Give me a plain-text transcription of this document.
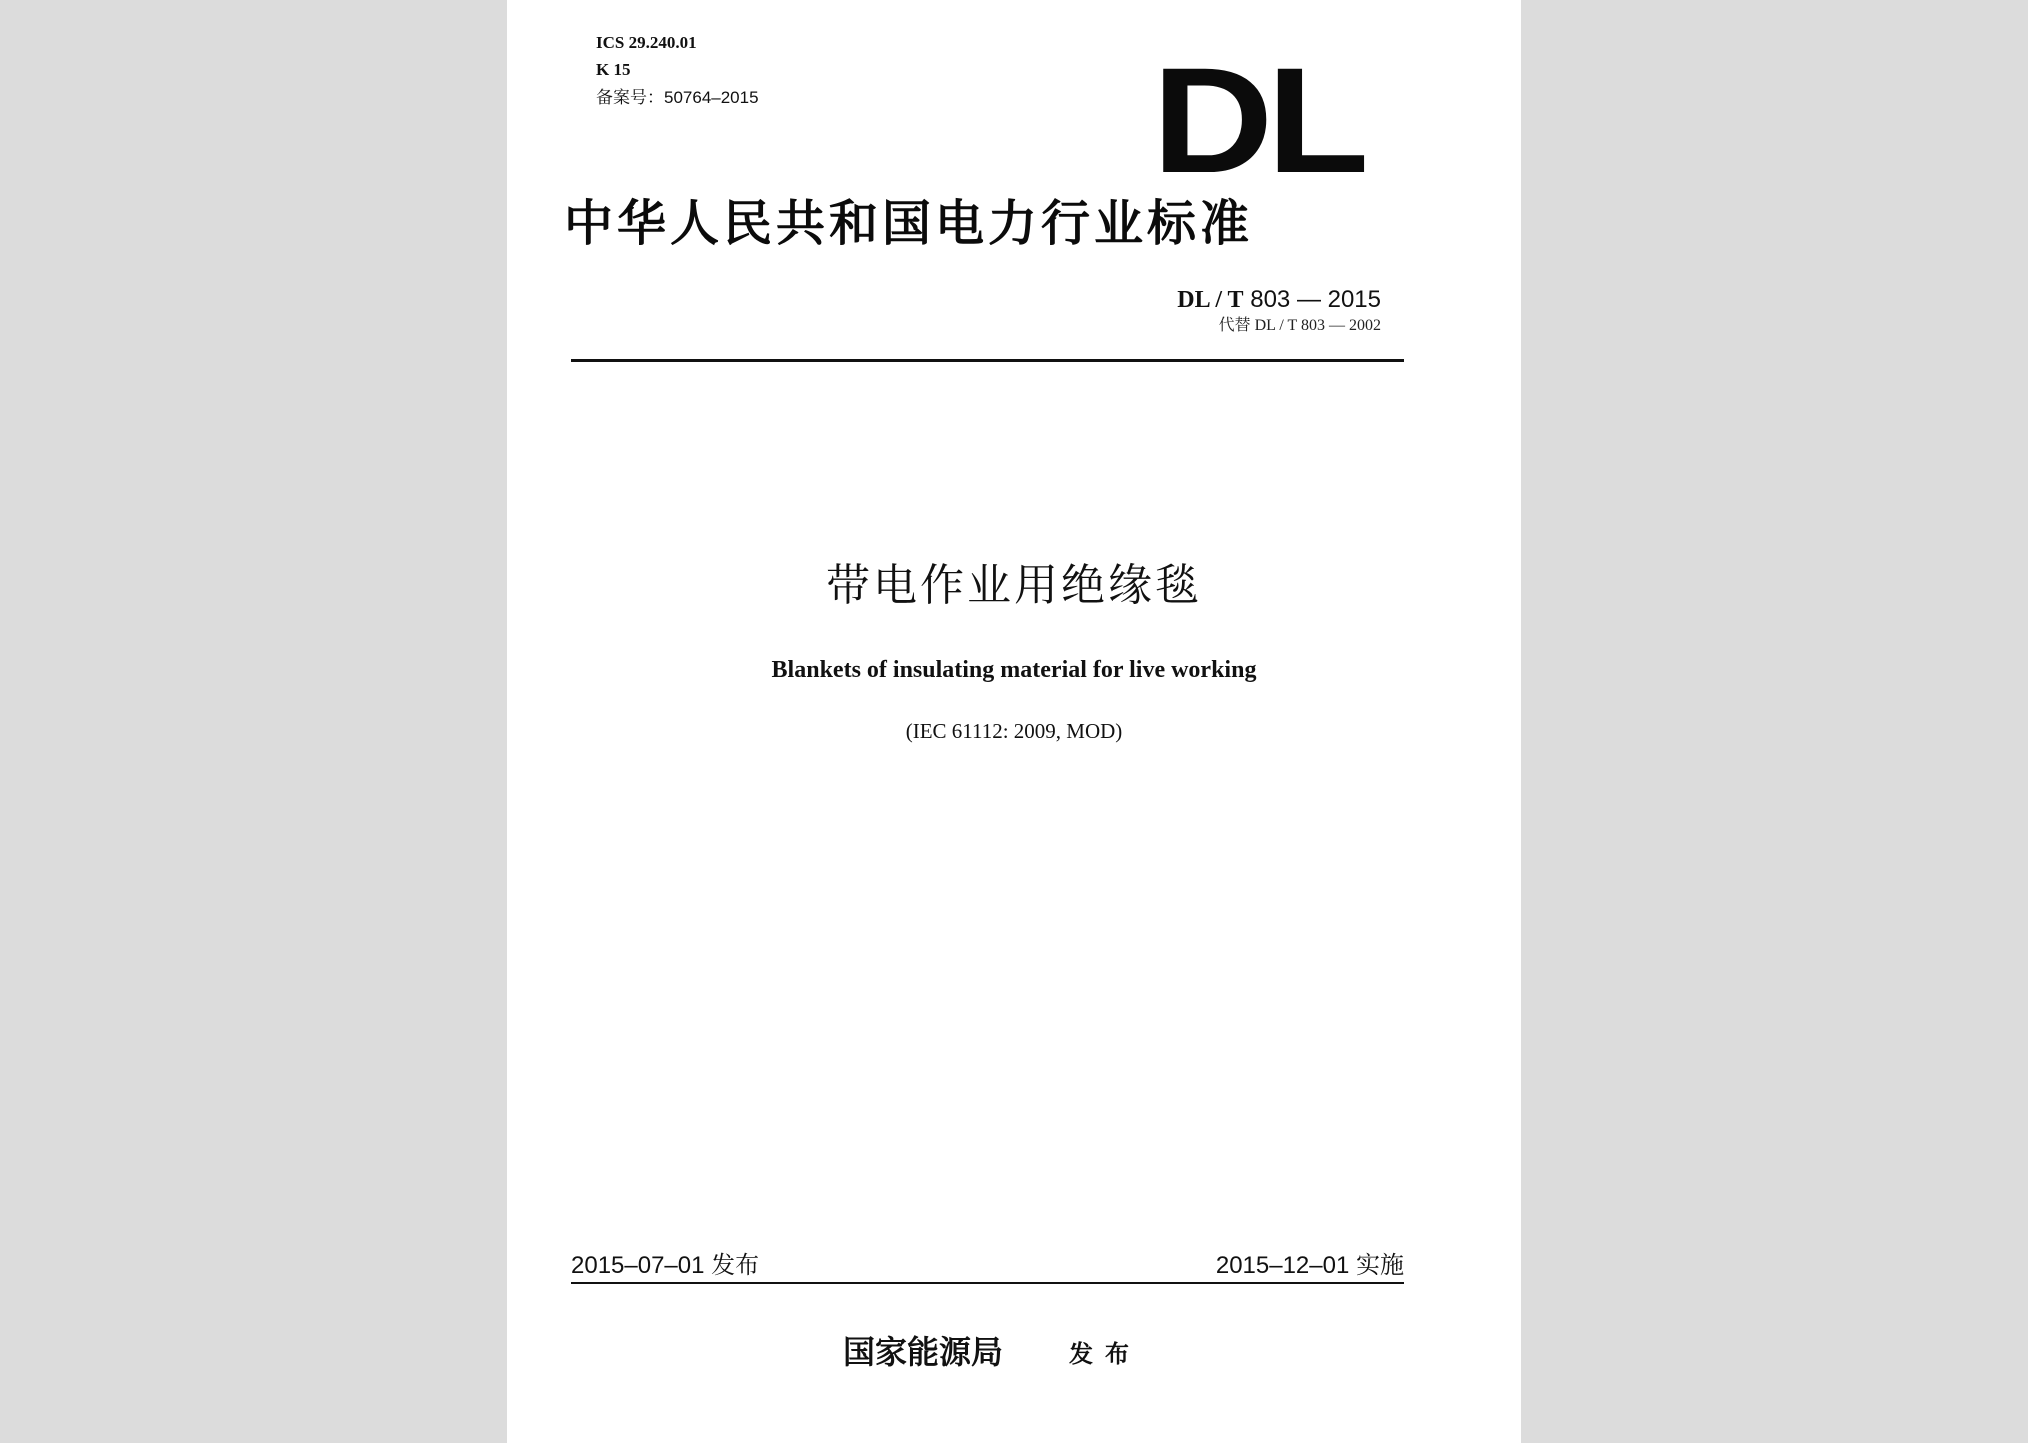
ICS 29.240.01
K 15
备案号：50764–2015	DL
中华人民共和国电力行业标准
DL / T 803 — 2015
代替 DL / T 803 — 2002
带电作业用绝缘毯
Blankets of insulating material for live working
(IEC 61112: 2009, MOD)
2015–07–01 发布	2015–12–01 实施
国家能源局	发布
